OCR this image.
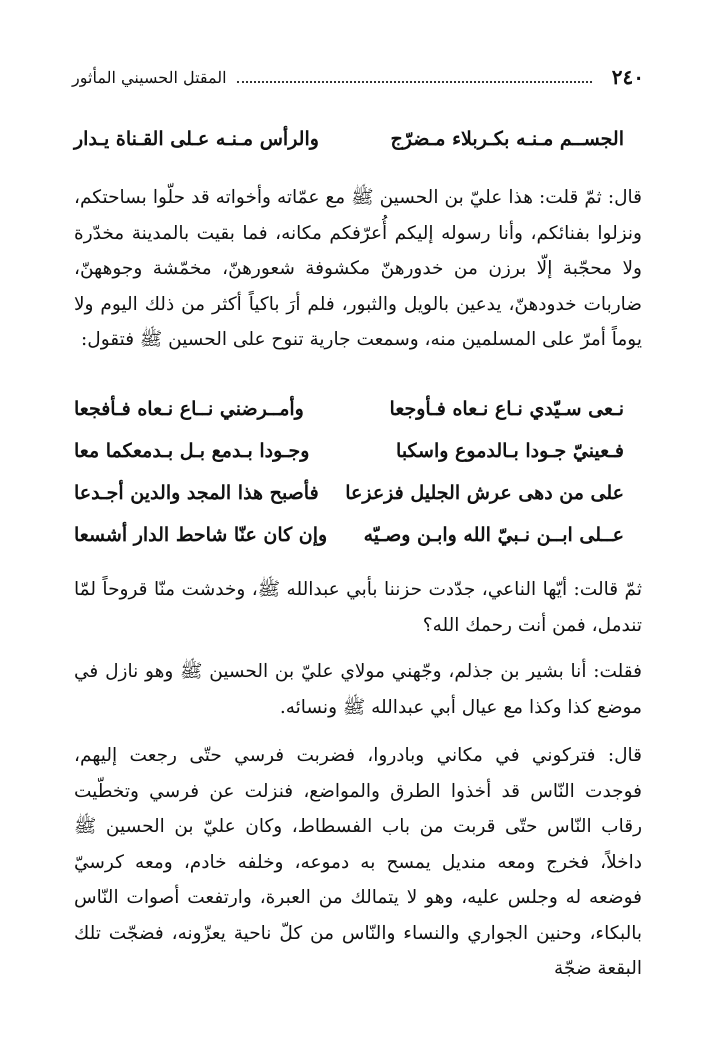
٢٤٠
المقتل الحسيني المأثور
الجســم مـنـه بكـربلاء مـضرّج
والرأس مـنـه عـلى القـناة يـدار
قال: ثمّ قلت: هذا عليّ بن الحسين ﷺ مع عمّاته وأخواته قد حلّوا بساحتكم، ونزلوا بفنائكم، وأنا رسوله إليكم أُعرّفكم مكانه، فما بقيت بالمدينة مخدّرة ولا محجّبة إلّا برزن من خدورهنّ مكشوفة شعورهنّ، مخمّشة وجوههنّ، ضاربات خدودهنّ، يدعين بالويل والثبور، فلم أرَ باكياً أكثر من ذلك اليوم ولا يوماً أمرّ على المسلمين منه، وسمعت جارية تنوح على الحسين ﷺ فتقول:
نـعى سـيّدي نـاع نـعاه فـأوجعا
وأمــرضني نــاع نـعاه فـأفجعا
فـعينيّ جـودا بـالدموع واسكبا
وجـودا بـدمع بـل بـدمعكما معا
على من دهى عرش الجليل فزعزعا
فأصبح هذا المجد والدين أجـدعا
عــلى ابــن نـبيّ الله وابـن وصـيّه
وإن كان عنّا شاحط الدار أشسعا
ثمّ قالت: أيّها الناعي، جدّدت حزننا بأبي عبدالله ﷺ، وخدشت منّا قروحاً لمّا تندمل، فمن أنت رحمك الله؟
فقلت: أنا بشير بن جذلم، وجّهني مولاي عليّ بن الحسين ﷺ وهو نازل في موضع كذا وكذا مع عيال أبي عبدالله ﷺ ونسائه.
قال: فتركوني في مكاني وبادروا، فضربت فرسي حتّى رجعت إليهم، فوجدت النّاس قد أخذوا الطرق والمواضع، فنزلت عن فرسي وتخطّيت رقاب النّاس حتّى قربت من باب الفسطاط، وكان عليّ بن الحسين ﷺ داخلاً، فخرج ومعه منديل يمسح به دموعه، وخلفه خادم، ومعه كرسيّ فوضعه له وجلس عليه، وهو لا يتمالك من العبرة، وارتفعت أصوات النّاس بالبكاء، وحنين الجواري والنساء والنّاس من كلّ ناحية يعزّونه، فضجّت تلك البقعة ضجّة
